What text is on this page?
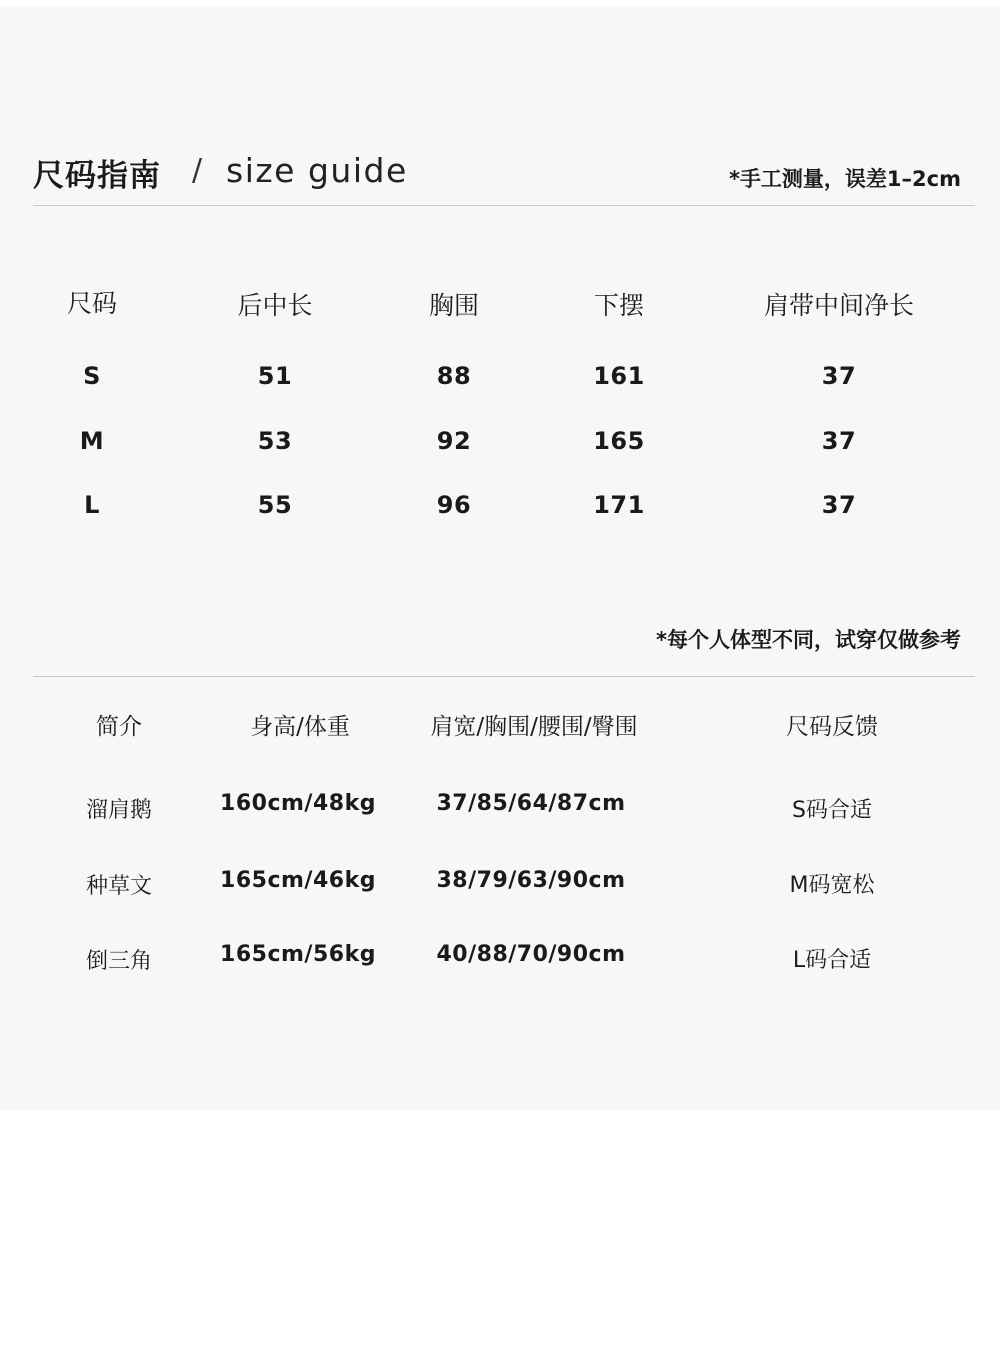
尺码指南 / size guide	*手工测量，误差1–2cm
尺码	后中长	胸围	下摆	肩带中间净长
S	51	88	161	37
M	53	92	165	37
L	55	96	171	37
*每个人体型不同，试穿仅做参考
简介	身高/体重	肩宽/胸围/腰围/臀围	尺码反馈
溜肩鹅	160cm/48kg	37/85/64/87cm	S码合适
种草文	165cm/46kg	38/79/63/90cm	M码宽松
倒三角	165cm/56kg	40/88/70/90cm	L码合适
